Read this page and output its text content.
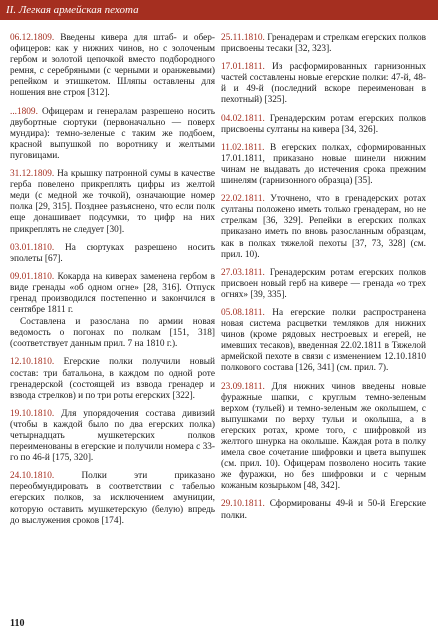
II. Легкая армейская пехота

06.12.1809. Введены кивера для штаб- и обер-офицеров: как у нижних чинов, но с золоченым гербом и золотой цепочкой вместо подбородного ремня, с серебряными (с черными и оранжевыми) репейком и этишкетом. Шляпы оставлены для ношения вне строя [312].

...1809. Офицерам и генералам разрешено носить двубортные сюртуки (первоначально — поверх мундира): темно-зеленые с таким же подбоем, красной выпушкой по воротнику и желтыми пуговицами.

31.12.1809. На крышку патронной сумы в качестве герба повелено прикреплять цифры из желтой меди (с медной же точкой), означающие номер полка [29, 315]. Позднее разъяснено, что если полк еще донашивает подсумки, то цифр на них прикреплять не следует [30].

03.01.1810. На сюртуках разрешено носить эполеты [67].

09.01.1810. Кокарда на киверах заменена гербом в виде гренады «об одном огне» [28, 316]. Отпуск гренад производился постепенно и закончился в сентябре 1811 г.

Составлена и разослана по армии новая ведомость о погонах по полкам [151, 318] (соответствует данным прил. 7 на 1810 г.).

12.10.1810. Егерские полки получили новый состав: три батальона, в каждом по одной роте гренадерской (состоящей из взвода гренадер и взвода стрелков) и по три роты егерских [322].

19.10.1810. Для упорядочения состава дивизий (чтобы в каждой было по два егерских полка) четырнадцать мушкетерских полков переименованы в егерские и получили номера с 33-го по 46-й [175, 320].

24.10.1810. Полки эти приказано переобмундировать в соответствии с табелью егерских полков, за исключением амуниции, которую оставить мушкетерскую (белую) впредь до выслужения сроков [174].

25.11.1810. Гренадерам и стрелкам егерских полков присвоены тесаки [32, 323].

17.01.1811. Из расформированных гарнизонных частей составлены новые егерские полки: 47-й, 48-й и 49-й (последний вскоре переименован в пехотный) [325].

04.02.1811. Гренадерским ротам егерских полков присвоены султаны на кивера [34, 326].

11.02.1811. В егерских полках, сформированных 17.01.1811, приказано новые шинели нижним чинам не выдавать до истечения срока прежним шинелям (гарнизонного образца) [35].

22.02.1811. Уточнено, что в гренадерских ротах султаны положено иметь только гренадерам, но не стрелкам [36, 329]. Репейки в егерских полках приказано иметь по вновь разосланным образцам, как в полках тяжелой пехоты [37, 73, 328] (см. прил. 10).

27.03.1811. Гренадерским ротам егерских полков присвоен новый герб на кивере — гренада «о трех огнях» [39, 335].

05.08.1811. На егерские полки распространена новая система расцветки темляков для нижних чинов (кроме рядовых нестроевых и егерей, не имевших тесаков), введенная 22.02.1811 в Тяжелой армейской пехоте в связи с изменением 12.10.1810 полкового состава [126, 341] (см. прил. 7).

23.09.1811. Для нижних чинов введены новые фуражные шапки, с круглым темно-зеленым верхом (тульей) и темно-зеленым же околышем, с выпушками по верху тульи и околыша, а в егерских ротах, кроме того, с шифровкой из желтого шнурка на околыше. Каждая рота в полку имела свое сочетание шифровки и цвета выпушек (см. прил. 10). Офицерам позволено носить такие же фуражки, но без шифровки и с черным кожаным козырьком [48, 342].

29.10.1811. Сформированы 49-й и 50-й Егерские полки.

110
